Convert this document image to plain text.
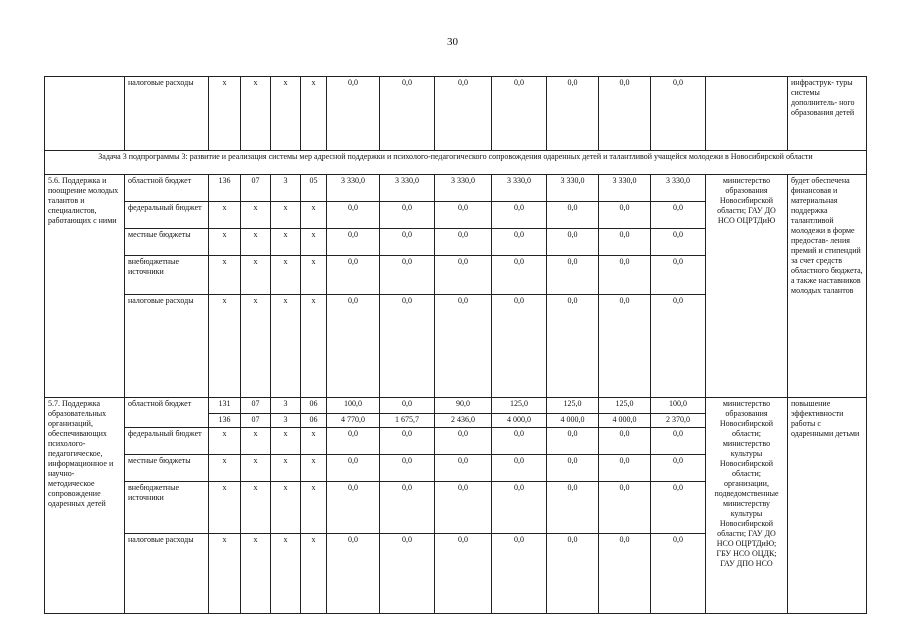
30
	налоговые расходы	х	х	х	х	0,0	0,0	0,0	0,0	0,0	0,0	0,0		инфраструк- туры системы дополнитель- ного образования детей
Задача 3 подпрограммы 3: развитие и реализация системы мер адресной поддержки и психолого-педагогического сопровождения одаренных детей и талантливой учащейся молодежи в Новосибирской области														
5.6. Поддержка и поощрение молодых талантов и специалистов, работающих с ними	областной бюджет	136	07	3	05	3 330,0	3 330,0	3 330,0	3 330,0	3 330,0	3 330,0	3 330,0	министерство образования Новосибирской области; ГАУ ДО НСО ОЦРТДиЮ	будет обеспечена финансовая и материальная поддержка талантливой молодежи в форме предостав- ления премий и стипендий за счет средств областного бюджета, а также наставников молодых талантов
	федеральный бюджет	х	х	х	х	0,0	0,0	0,0	0,0	0,0	0,0	0,0		
	местные бюджеты	х	х	х	х	0,0	0,0	0,0	0,0	0,0	0,0	0,0		
	внебюджетные источники	х	х	х	х	0,0	0,0	0,0	0,0	0,0	0,0	0,0		
	налоговые расходы	х	х	х	х	0,0	0,0	0,0	0,0	0,0	0,0	0,0		
5.7. Поддержка образовательных организаций, обеспечивающих психолого- педагогическое, информационное и научно- методическое сопровождение одаренных детей	областной бюджет	131	07	3	06	100,0	0,0	90,0	125,0	125,0	125,0	100,0	министерство образования Новосибирской области; министерство культуры Новосибирской области; организации, подведомственные министерству культуры Новосибирской области; ГАУ ДО НСО ОЦРТДиЮ; ГБУ НСО ОЦДК; ГАУ ДПО НСО	повышение эффективности работы с одаренными детьми
		136	07	3	06	4 770,0	1 675,7	2 436,0	4 000,0	4 000,0	4 000,0	2 370,0		
	федеральный бюджет	х	х	х	х	0,0	0,0	0,0	0,0	0,0	0,0	0,0		
	местные бюджеты	х	х	х	х	0,0	0,0	0,0	0,0	0,0	0,0	0,0		
	внебюджетные источники	х	х	х	х	0,0	0,0	0,0	0,0	0,0	0,0	0,0		
	налоговые расходы	х	х	х	х	0,0	0,0	0,0	0,0	0,0	0,0	0,0		
